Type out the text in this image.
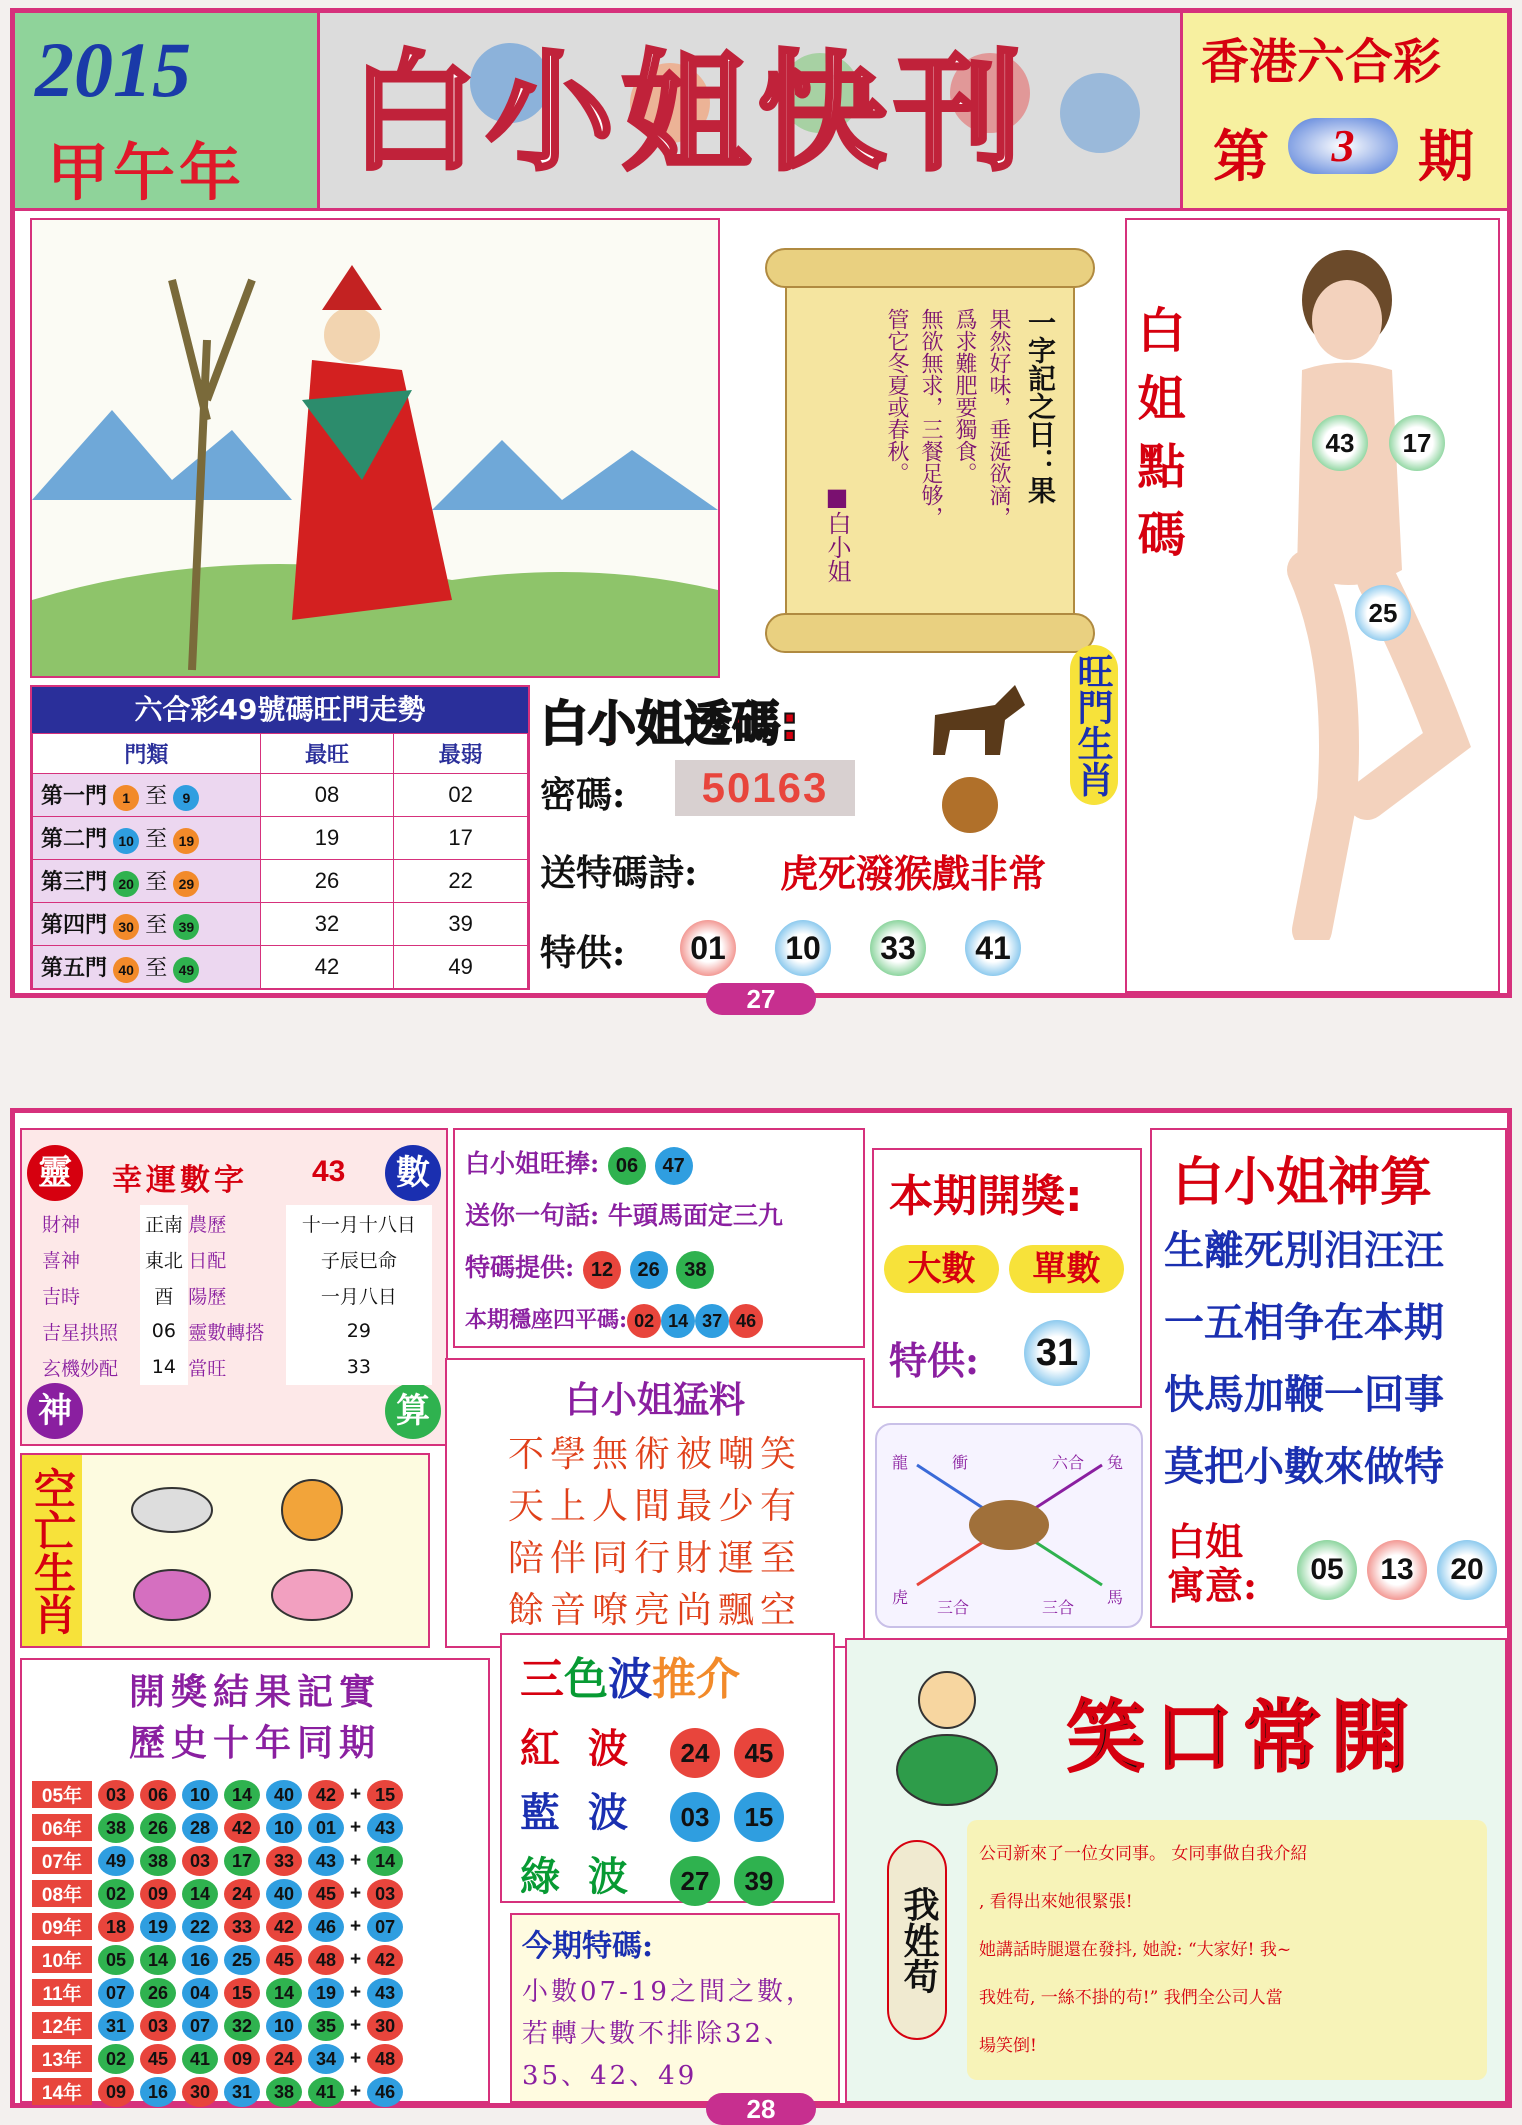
2015
甲午年 白小姐快刊	香港六合彩
第	3	期
一字記之日：果
果然好味，垂涎欲滴，
爲求難肥要獨食。
無欲無求，三餐足够，
管它冬夏或春秋。
■白小姐	白姐點碼	43	17
25
六合彩49號碼旺門走勢
門類	最旺	最弱
第一門 1 至 9	08	02
第二門 10 至 19	19	17
第三門 20 至 29	26	22
第四門 30 至 39	32	39
第五門 40 至 49	42	49
白小姐透碼:
密碼:	50163
送特碼詩: 虎死潑猴戲非常
特供:	01	10	33	41
旺門生肖
27
靈	數
神	算
幸運數字 43
財神	正南	農歷	十一月十八日
喜神	東北	日配	子辰巳命
吉時	酉	陽歷	一月八日
吉星拱照	06	靈數轉搭	29
玄機妙配	14	當旺	33
白小姐旺捧: 06 47
送你一句話: 牛頭馬面定三九
特碼提供: 12 26 38
本期穩座四平碼: 02 14 37 46
本期開獎:
大數	單數
特供:	31
白小姐神算
生離死別泪汪汪
一五相争在本期
快馬加鞭一回事
莫把小數來做特
白姐寓意:	05	13	20
空亡生肖
白小姐猛料
不學無術被嘲笑
天上人間最少有
陪伴同行財運至
餘音嘹亮尚飄空
龍	衝	六合 兔
虎
三合	三合
馬
開獎結果記實
歷史十年同期
05年	03	06	10	14	40	42 + 15
06年	38	26	28	42	10	01 + 43
07年	49	38	03	17	33	43 + 14
08年	02	09	14	24	40	45 + 03
09年	18	19	22	33	42	46 + 07
10年	05	14	16	25	45	48 + 42
11年	07	26	04	15	14	19 + 43
12年	31	03	07	32	10	35 + 30
13年	02	45	41	09	24	34 + 48
14年	09	16	30	31	38	41 + 46
三色波推介
紅  波 24 45
藍  波 03 15
綠  波 27 39
今期特碼:
小數07-19之間之數，若轉大數不排除32、35、42、49
笑口常開
我姓苟
公司新來了一位女同事。 女同事做自我介紹
, 看得出來她很緊張!
她講話時腿還在發抖, 她說: “大家好! 我~
我姓苟, 一絲不掛的苟!” 我們全公司人當
場笑倒!
28
